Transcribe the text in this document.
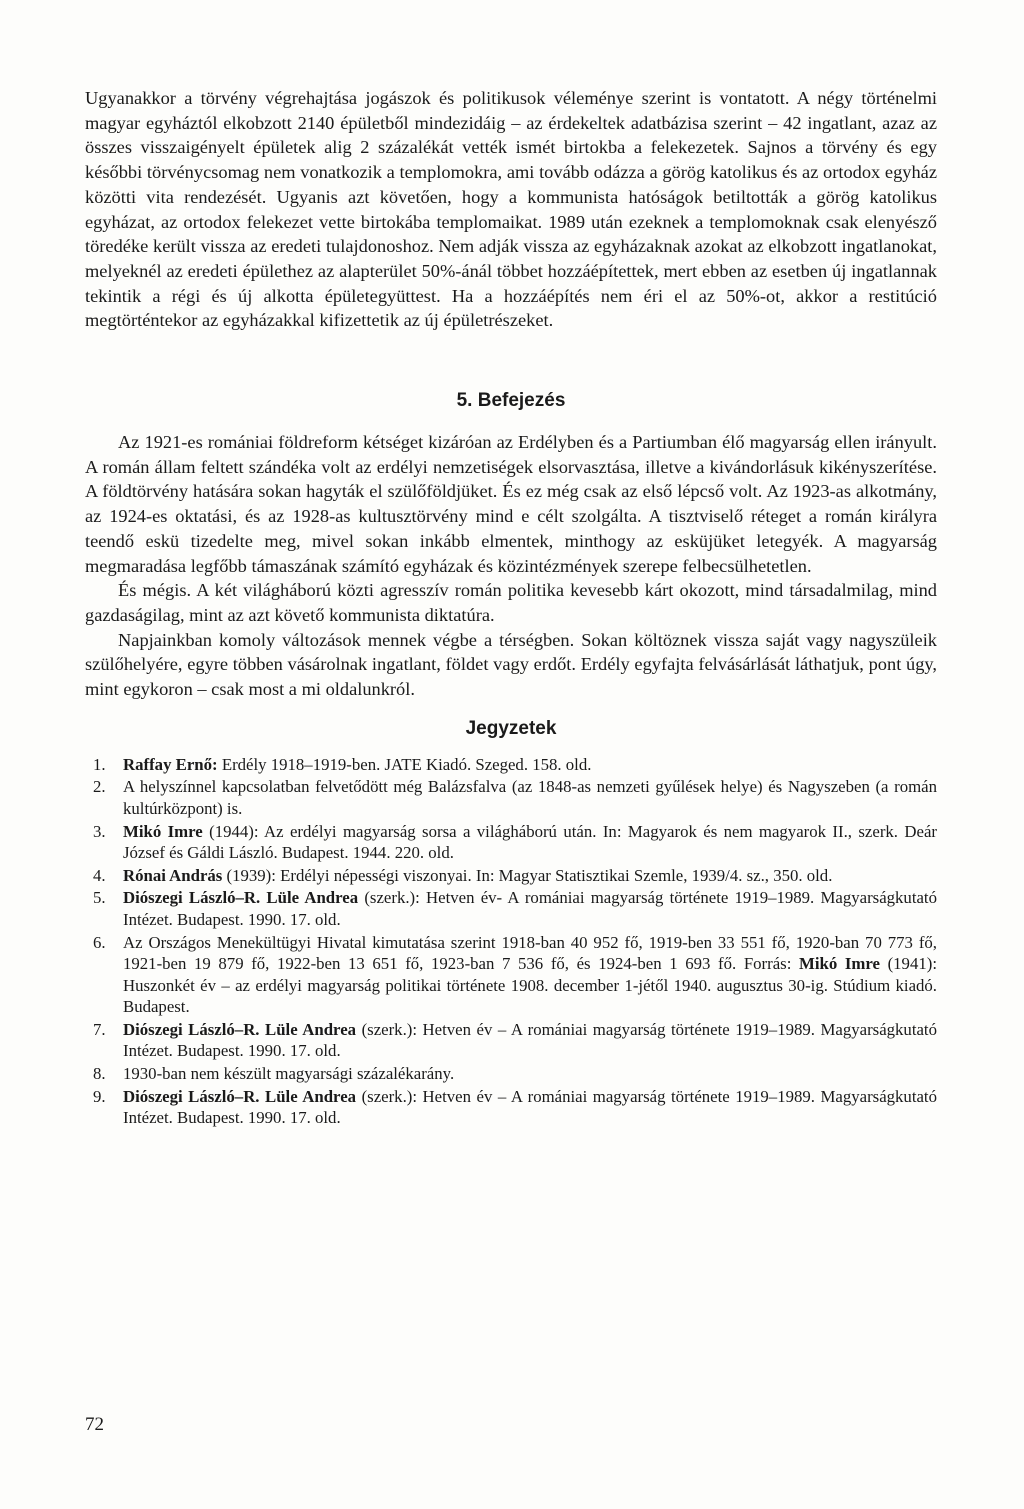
Ugyanakkor a törvény végrehajtása jogászok és politikusok véleménye szerint is vontatott. A négy történelmi magyar egyháztól elkobzott 2140 épületből mindezidáig – az érdekeltek adatbázisa szerint – 42 ingatlant, azaz az összes visszaigényelt épületek alig 2 százalékát vették ismét birtokba a felekezetek. Sajnos a törvény és egy későbbi törvénycsomag nem vonatkozik a templomokra, ami tovább odázza a görög katolikus és az ortodox egyház közötti vita rendezését. Ugyanis azt követően, hogy a kommunista hatóságok betiltották a görög katolikus egyházat, az ortodox felekezet vette birtokába templomaikat. 1989 után ezeknek a templomoknak csak elenyésző töredéke került vissza az eredeti tulajdonoshoz. Nem adják vissza az egyházaknak azokat az elkobzott ingatlanokat, melyeknél az eredeti épülethez az alapterület 50%-ánál többet hozzáépítettek, mert ebben az esetben új ingatlannak tekintik a régi és új alkotta épületegyüttest. Ha a hozzáépítés nem éri el az 50%-ot, akkor a restitúció megtörténtekor az egyházakkal kifizettetik az új épületrészeket.

5. Befejezés

Az 1921-es romániai földreform kétséget kizáróan az Erdélyben és a Partiumban élő magyarság ellen irányult. A román állam feltett szándéka volt az erdélyi nemzetiségek elsorvasztása, illetve a kivándorlásuk kikényszerítése. A földtörvény hatására sokan hagyták el szülőföldjüket. És ez még csak az első lépcső volt. Az 1923-as alkotmány, az 1924-es oktatási, és az 1928-as kultusztörvény mind e célt szolgálta. A tisztviselő réteget a román királyra teendő eskü tizedelte meg, mivel sokan inkább elmentek, minthogy az esküjüket letegyék. A magyarság megmaradása legfőbb támaszának számító egyházak és közintézmények szerepe felbecsülhetetlen.

És mégis. A két világháború közti agresszív román politika kevesebb kárt okozott, mind társadalmilag, mind gazdaságilag, mint az azt követő kommunista diktatúra.

Napjainkban komoly változások mennek végbe a térségben. Sokan költöznek vissza saját vagy nagyszüleik szülőhelyére, egyre többen vásárolnak ingatlant, földet vagy erdőt. Erdély egyfajta felvásárlását láthatjuk, pont úgy, mint egykoron – csak most a mi oldalunkról.

Jegyzetek
1. Raffay Ernő: Erdély 1918–1919-ben. JATE Kiadó. Szeged. 158. old.
2. A helyszínnel kapcsolatban felvetődött még Balázsfalva (az 1848-as nemzeti gyűlések helye) és Nagyszeben (a román kultúrközpont) is.
3. Mikó Imre (1944): Az erdélyi magyarság sorsa a világháború után. In: Magyarok és nem magyarok II., szerk. Deár József és Gáldi László. Budapest. 1944. 220. old.
4. Rónai András (1939): Erdélyi népességi viszonyai. In: Magyar Statisztikai Szemle, 1939/4. sz., 350. old.
5. Diószegi László–R. Lüle Andrea (szerk.): Hetven év- A romániai magyarság története 1919–1989. Magyarságkutató Intézet. Budapest. 1990. 17. old.
6. Az Országos Menekültügyi Hivatal kimutatása szerint 1918-ban 40 952 fő, 1919-ben 33 551 fő, 1920-ban 70 773 fő, 1921-ben 19 879 fő, 1922-ben 13 651 fő, 1923-ban 7 536 fő, és 1924-ben 1 693 fő. Forrás: Mikó Imre (1941): Huszonkét év – az erdélyi magyarság politikai története 1908. december 1-jétől 1940. augusztus 30-ig. Stúdium kiadó. Budapest.
7. Diószegi László–R. Lüle Andrea (szerk.): Hetven év – A romániai magyarság története 1919–1989. Magyarságkutató Intézet. Budapest. 1990. 17. old.
8. 1930-ban nem készült magyarsági százalékarány.
9. Diószegi László–R. Lüle Andrea (szerk.): Hetven év – A romániai magyarság története 1919–1989. Magyarságkutató Intézet. Budapest. 1990. 17. old.
72
